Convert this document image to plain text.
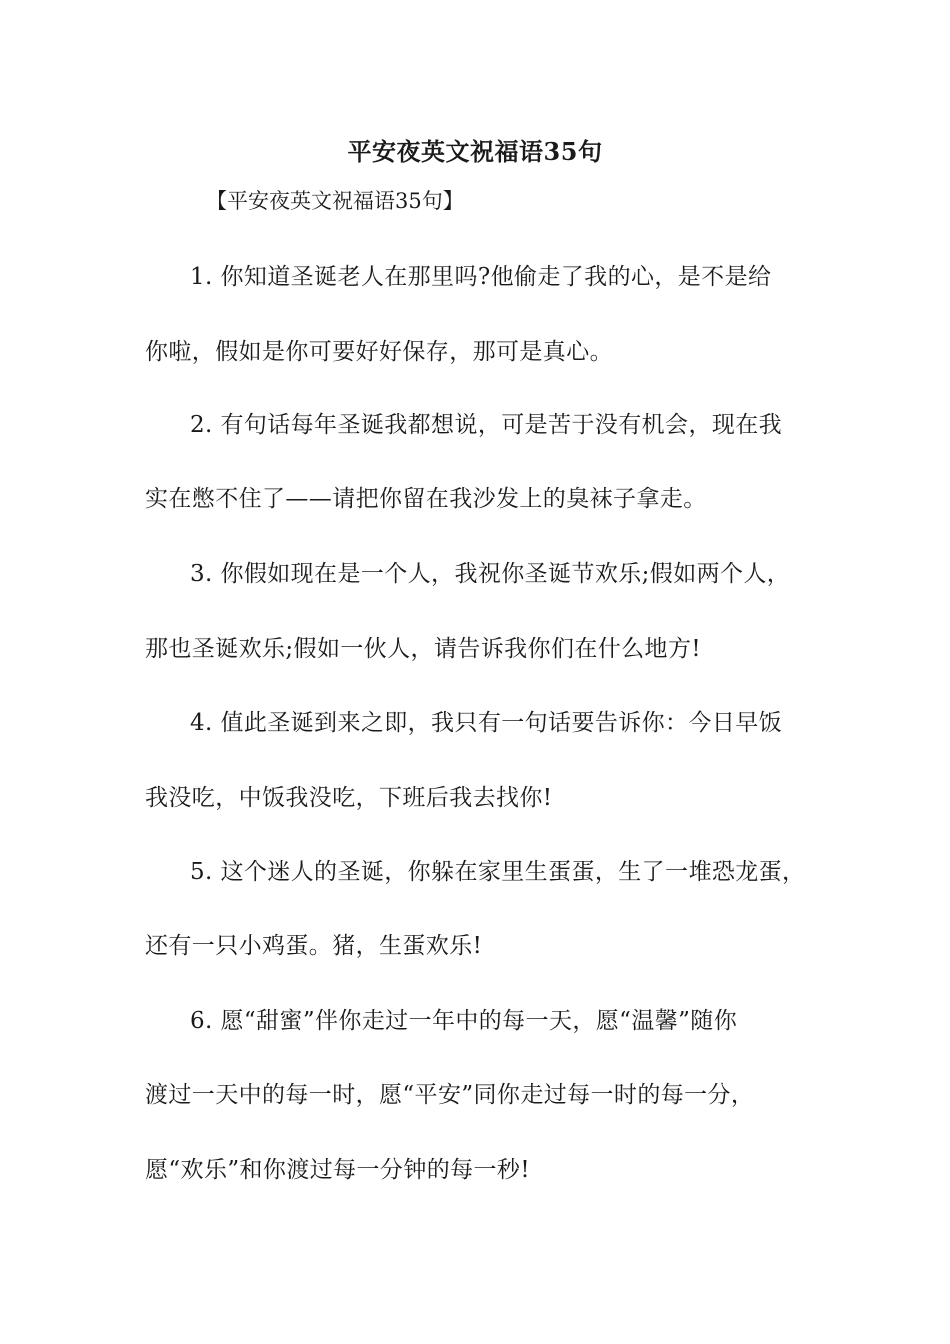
平安夜英文祝福语35句
【平安夜英文祝福语35句】
1. 你知道圣诞老人在那里吗?他偷走了我的心，是不是给
你啦，假如是你可要好好保存，那可是真心。
2. 有句话每年圣诞我都想说，可是苦于没有机会，现在我
实在憋不住了——请把你留在我沙发上的臭袜子拿走。
3. 你假如现在是一个人，我祝你圣诞节欢乐;假如两个人，
那也圣诞欢乐;假如一伙人，请告诉我你们在什么地方!
4. 值此圣诞到来之即，我只有一句话要告诉你：今日早饭
我没吃，中饭我没吃，下班后我去找你!
5. 这个迷人的圣诞，你躲在家里生蛋蛋，生了一堆恐龙蛋，
还有一只小鸡蛋。猪，生蛋欢乐!
6. 愿“甜蜜”伴你走过一年中的每一天，愿“温馨”随你
渡过一天中的每一时，愿“平安”同你走过每一时的每一分，
愿“欢乐”和你渡过每一分钟的每一秒!
